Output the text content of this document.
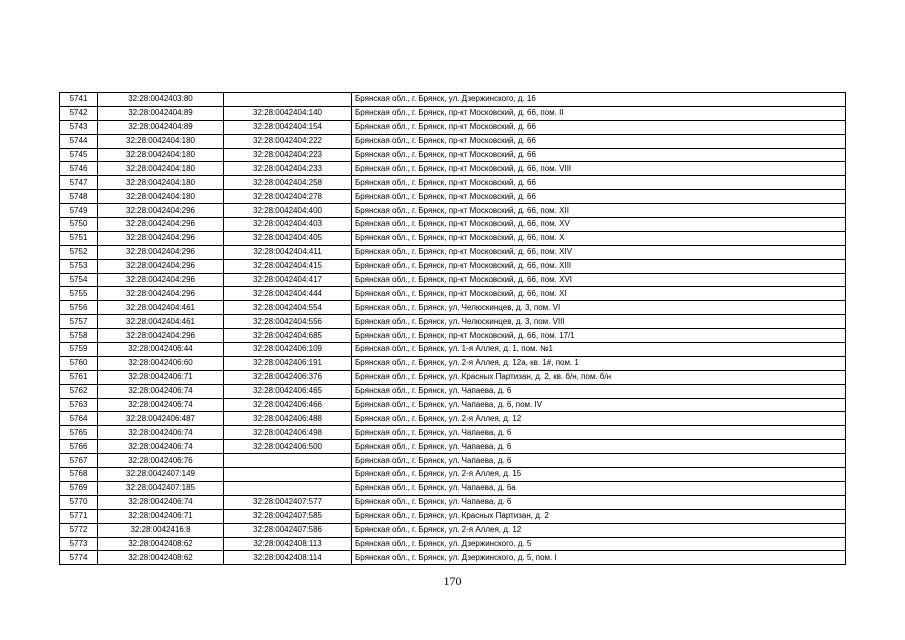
5741	32:28:0042403:80		Брянская обл., г. Брянск, ул. Дзержинского, д. 16
5742	32:28:0042404:89	32:28:0042404:140	Брянская обл., г. Брянск, пр-кт Московский, д. 66, пом. II
5743	32:28:0042404:89	32:28:0042404:154	Брянская обл., г. Брянск, пр-кт Московский, д. 66
5744	32:28:0042404:180	32:28:0042404:222	Брянская обл., г. Брянск, пр-кт Московский, д. 66
5745	32:28:0042404:180	32:28:0042404:223	Брянская обл., г. Брянск, пр-кт Московский, д. 66
5746	32:28:0042404:180	32:28:0042404:233	Брянская обл., г. Брянск, пр-кт Московский, д. 66, пом. VIII
5747	32:28:0042404:180	32:28:0042404:258	Брянская обл., г. Брянск, пр-кт Московский, д. 66
5748	32:28:0042404:180	32:28:0042404:278	Брянская обл., г. Брянск, пр-кт Московский, д. 66
5749	32:28:0042404:296	32:28:0042404:400	Брянская обл., г. Брянск, пр-кт Московский, д. 66, пом. XII
5750	32:28:0042404:296	32:28:0042404:403	Брянская обл., г. Брянск, пр-кт Московский, д. 66, пом. XV
5751	32:28:0042404:296	32:28:0042404:405	Брянская обл., г. Брянск, пр-кт Московский, д. 66, пом. X
5752	32:28:0042404:296	32:28:0042404:411	Брянская обл., г. Брянск, пр-кт Московский, д. 66, пом. XIV
5753	32:28:0042404:296	32:28:0042404:415	Брянская обл., г. Брянск, пр-кт Московский, д. 66, пом. XIII
5754	32:28:0042404:296	32:28:0042404:417	Брянская обл., г. Брянск, пр-кт Московский, д. 66, пом. XVI
5755	32:28:0042404:296	32:28:0042404:444	Брянская обл., г. Брянск, пр-кт Московский, д. 66, пом. XI
5756	32:28:0042404:461	32:28:0042404:554	Брянская обл., г. Брянск, ул. Челюскинцев, д. 3, пом. VI
5757	32:28:0042404:461	32:28:0042404:556	Брянская обл., г. Брянск, ул. Челюскинцев, д. 3, пом. VIII
5758	32:28:0042404:296	32:28:0042404:685	Брянская обл., г. Брянск, пр-кт Московский, д. 66, пом. 17/1
5759	32:28:0042406:44	32:28:0042406:109	Брянская обл., г. Брянск, ул. 1-я Аллея, д. 1, пом. №1
5760	32:28:0042406:60	32:28:0042406:191	Брянская обл., г. Брянск, ул. 2-я Аллея, д. 12а, кв. 1#, пом. 1
5761	32:28:0042406:71	32:28:0042406:376	Брянская обл., г. Брянск, ул. Красных Партизан, д. 2, кв. б/н, пом. б/н
5762	32:28:0042406:74	32:28:0042406:465	Брянская обл., г. Брянск, ул. Чапаева, д. 6
5763	32:28:0042406:74	32:28:0042406:466	Брянская обл., г. Брянск, ул. Чапаева, д. 6, пом. IV
5764	32:28:0042406:487	32:28:0042406:488	Брянская обл., г. Брянск, ул. 2-я Аллея, д. 12
5765	32:28:0042406:74	32:28:0042406:498	Брянская обл., г. Брянск, ул. Чапаева, д. 6
5766	32:28:0042406:74	32:28:0042406:500	Брянская обл., г. Брянск, ул. Чапаева, д. 6
5767	32:28:0042406:76		Брянская обл., г. Брянск, ул. Чапаева, д. 6
5768	32:28:0042407:149		Брянская обл., г. Брянск, ул. 2-я Аллея, д. 15
5769	32:28:0042407:185		Брянская обл., г. Брянск, ул. Чапаева, д. 6а
5770	32:28:0042406:74	32:28:0042407:577	Брянская обл., г. Брянск, ул. Чапаева, д. 6
5771	32:28:0042406:71	32:28:0042407:585	Брянская обл., г. Брянск, ул. Красных Партизан, д. 2
5772	32:28:0042416:8	32:28:0042407:586	Брянская обл., г. Брянск, ул. 2-я Аллея, д. 12
5773	32:28:0042408:62	32:28:0042408:113	Брянская обл., г. Брянск, ул. Дзержинского, д. 5
5774	32:28:0042408:62	32:28:0042408:114	Брянская обл., г. Брянск, ул. Дзержинского, д. 5, пом. I
170
